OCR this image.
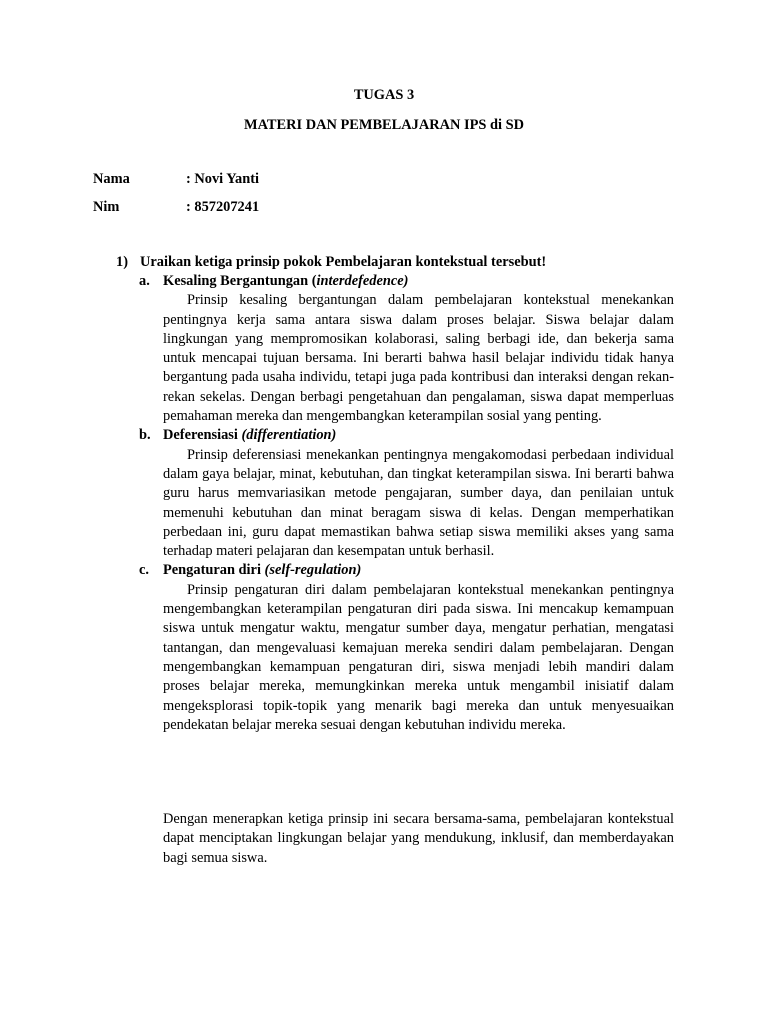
TUGAS 3
MATERI DAN PEMBELAJARAN IPS di SD
Nama	: Novi Yanti
Nim	: 857207241
1) Uraikan ketiga prinsip pokok Pembelajaran kontekstual tersebut!
a. Kesaling Bergantungan (interdefedence)
Prinsip kesaling bergantungan dalam pembelajaran kontekstual menekankan pentingnya kerja sama antara siswa dalam proses belajar. Siswa belajar dalam lingkungan yang mempromosikan kolaborasi, saling berbagi ide, dan bekerja sama untuk mencapai tujuan bersama. Ini berarti bahwa hasil belajar individu tidak hanya bergantung pada usaha individu, tetapi juga pada kontribusi dan interaksi dengan rekan-rekan sekelas. Dengan berbagi pengetahuan dan pengalaman, siswa dapat memperluas pemahaman mereka dan mengembangkan keterampilan sosial yang penting.
b. Deferensiasi (differentiation)
Prinsip deferensiasi menekankan pentingnya mengakomodasi perbedaan individual dalam gaya belajar, minat, kebutuhan, dan tingkat keterampilan siswa. Ini berarti bahwa guru harus memvariasikan metode pengajaran, sumber daya, dan penilaian untuk memenuhi kebutuhan dan minat beragam siswa di kelas. Dengan memperhatikan perbedaan ini, guru dapat memastikan bahwa setiap siswa memiliki akses yang sama terhadap materi pelajaran dan kesempatan untuk berhasil.
c. Pengaturan diri (self-regulation)
Prinsip pengaturan diri dalam pembelajaran kontekstual menekankan pentingnya mengembangkan keterampilan pengaturan diri pada siswa. Ini mencakup kemampuan siswa untuk mengatur waktu, mengatur sumber daya, mengatur perhatian, mengatasi tantangan, dan mengevaluasi kemajuan mereka sendiri dalam pembelajaran. Dengan mengembangkan kemampuan pengaturan diri, siswa menjadi lebih mandiri dalam proses belajar mereka, memungkinkan mereka untuk mengambil inisiatif dalam mengeksplorasi topik-topik yang menarik bagi mereka dan untuk menyesuaikan pendekatan belajar mereka sesuai dengan kebutuhan individu mereka.
Dengan menerapkan ketiga prinsip ini secara bersama-sama, pembelajaran kontekstual dapat menciptakan lingkungan belajar yang mendukung, inklusif, dan memberdayakan bagi semua siswa.
